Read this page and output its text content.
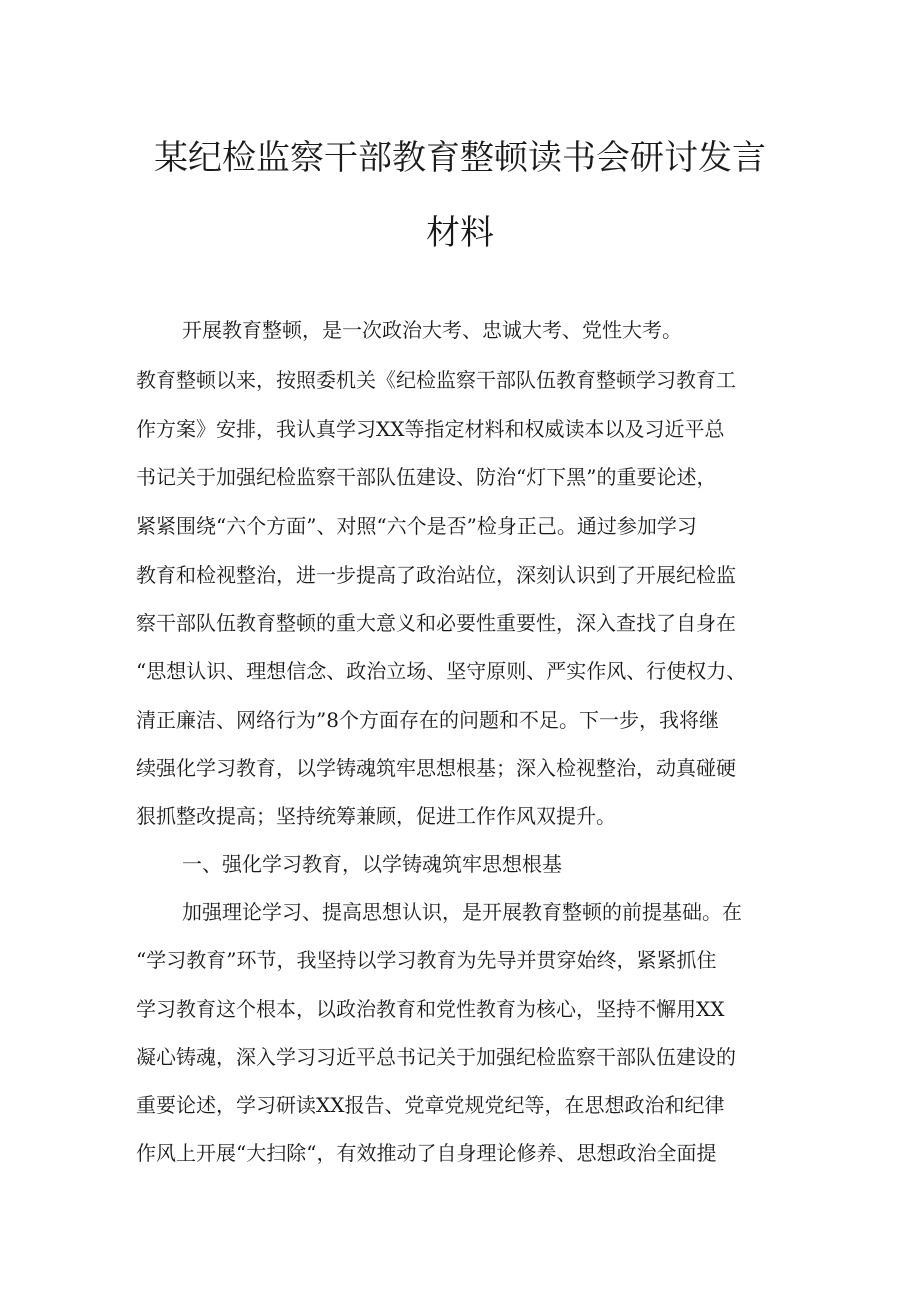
某纪检监察干部教育整顿读书会研讨发言
材料
开展教育整顿，是一次政治大考、忠诚大考、党性大考。
教育整顿以来，按照委机关《纪检监察干部队伍教育整顿学习教育工
作方案》安排，我认真学习XX等指定材料和权威读本以及习近平总
书记关于加强纪检监察干部队伍建设、防治“灯下黑”的重要论述，
紧紧围绕“六个方面”、对照“六个是否”检身正己。通过参加学习
教育和检视整治，进一步提高了政治站位，深刻认识到了开展纪检监
察干部队伍教育整顿的重大意义和必要性重要性，深入查找了自身在
“思想认识、理想信念、政治立场、坚守原则、严实作风、行使权力、
清正廉洁、网络行为”8个方面存在的问题和不足。下一步，我将继
续强化学习教育，以学铸魂筑牢思想根基；深入检视整治，动真碰硬
狠抓整改提高；坚持统筹兼顾，促进工作作风双提升。
一、强化学习教育，以学铸魂筑牢思想根基
加强理论学习、提高思想认识，是开展教育整顿的前提基础。在
“学习教育”环节，我坚持以学习教育为先导并贯穿始终，紧紧抓住
学习教育这个根本，以政治教育和党性教育为核心，坚持不懈用XX
凝心铸魂，深入学习习近平总书记关于加强纪检监察干部队伍建设的
重要论述，学习研读XX报告、党章党规党纪等，在思想政治和纪律
作风上开展“大扫除“，有效推动了自身理论修养、思想政治全面提
